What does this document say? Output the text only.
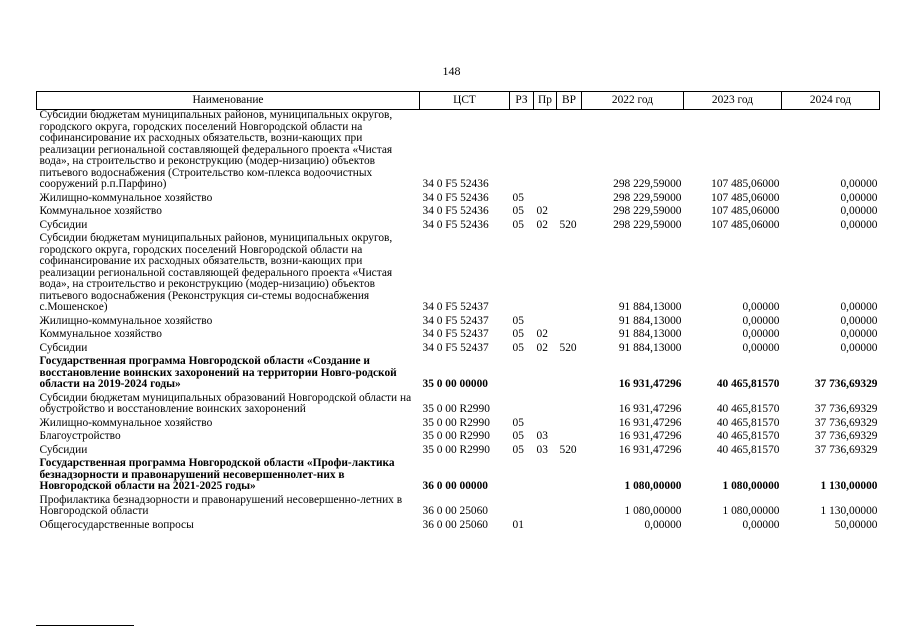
148
Наименование	ЦСТ	РЗ	Пр	ВР	2022 год	2023 год	2024 год
Субсидии бюджетам муниципальных районов, муниципальных округов, городского округа, городских поселений Новгородской области на софинансирование их расходных обязательств, возни-кающих при реализации региональной составляющей федерального проекта «Чистая вода», на строительство и реконструкцию (модер-низацию) объектов питьевого водоснабжения (Строительство ком-плекса водоочистных сооружений р.п.Парфино)	34 0 F5 52436				298 229,59000	107 485,06000	0,00000
Жилищно-коммунальное хозяйство	34 0 F5 52436	05			298 229,59000	107 485,06000	0,00000
Коммунальное хозяйство	34 0 F5 52436	05	02		298 229,59000	107 485,06000	0,00000
Субсидии	34 0 F5 52436	05	02	520	298 229,59000	107 485,06000	0,00000
Субсидии бюджетам муниципальных районов, муниципальных округов, городского округа, городских поселений Новгородской области на софинансирование их расходных обязательств, возни-кающих при реализации региональной составляющей федерального проекта «Чистая вода», на строительство и реконструкцию (модер-низацию) объектов питьевого водоснабжения (Реконструкция си-стемы водоснабжения с.Мошенское)	34 0 F5 52437				91 884,13000	0,00000	0,00000
Жилищно-коммунальное хозяйство	34 0 F5 52437	05			91 884,13000	0,00000	0,00000
Коммунальное хозяйство	34 0 F5 52437	05	02		91 884,13000	0,00000	0,00000
Субсидии	34 0 F5 52437	05	02	520	91 884,13000	0,00000	0,00000
Государственная программа Новгородской области «Создание и восстановление воинских захоронений на территории Новго-родской области на 2019-2024 годы»	35 0 00 00000				16 931,47296	40 465,81570	37 736,69329
Субсидии бюджетам муниципальных образований Новгородской области на обустройство и восстановление воинских захоронений	35 0 00 R2990				16 931,47296	40 465,81570	37 736,69329
Жилищно-коммунальное хозяйство	35 0 00 R2990	05			16 931,47296	40 465,81570	37 736,69329
Благоустройство	35 0 00 R2990	05	03		16 931,47296	40 465,81570	37 736,69329
Субсидии	35 0 00 R2990	05	03	520	16 931,47296	40 465,81570	37 736,69329
Государственная программа Новгородской области «Профи-лактика безнадзорности и правонарушений несовершеннолет-них в Новгородской области на 2021-2025 годы»	36 0 00 00000				1 080,00000	1 080,00000	1 130,00000
Профилактика безнадзорности и правонарушений несовершенно-летних в Новгородской области	36 0 00 25060				1 080,00000	1 080,00000	1 130,00000
Общегосударственные вопросы	36 0 00 25060	01			0,00000	0,00000	50,00000
